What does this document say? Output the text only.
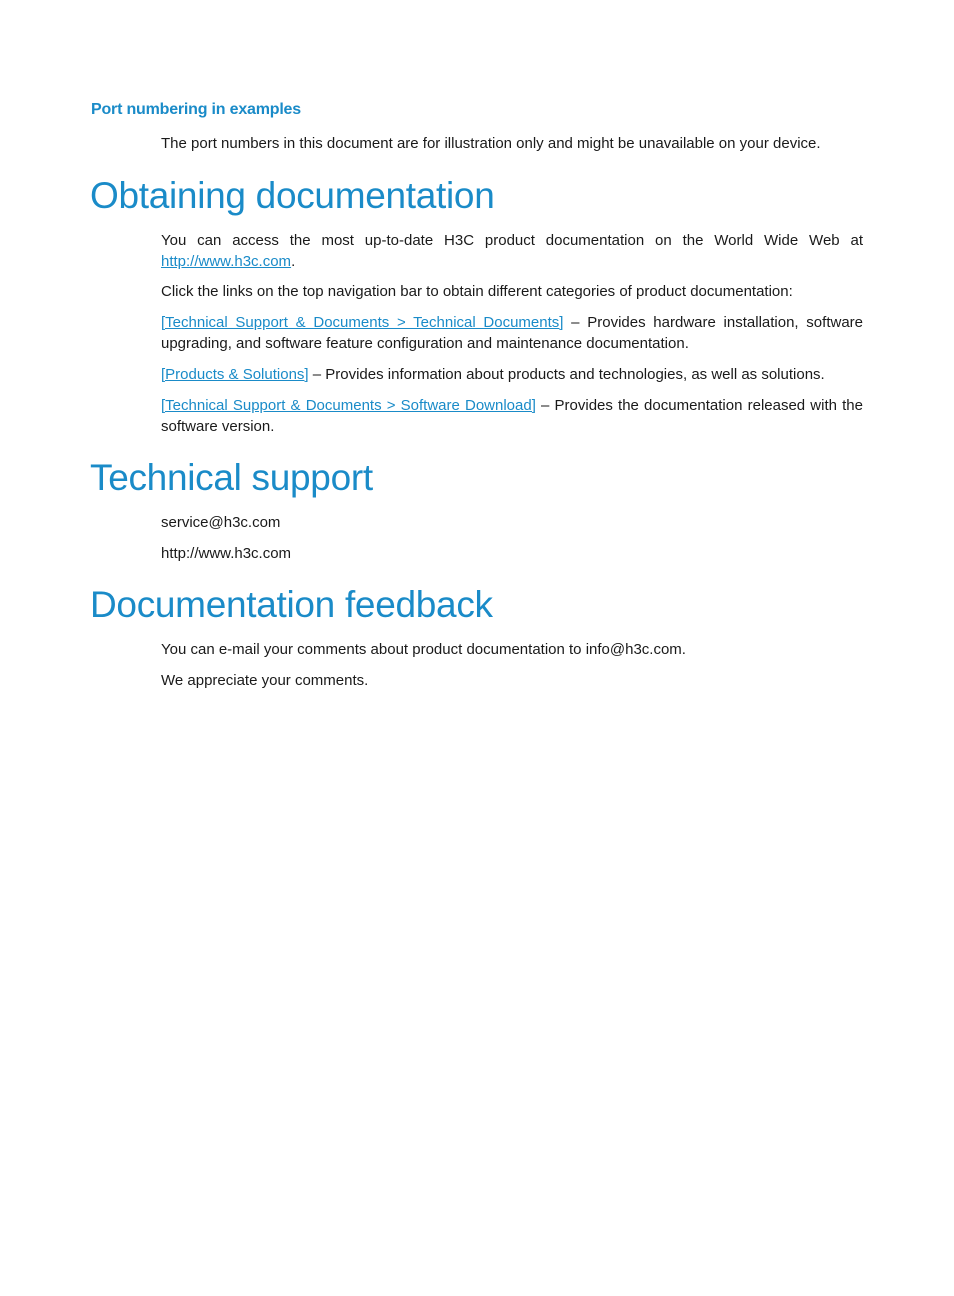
Port numbering in examples

The port numbers in this document are for illustration only and might be unavailable on your device.

Obtaining documentation

You can access the most up-to-date H3C product documentation on the World Wide Web at http://www.h3c.com.

Click the links on the top navigation bar to obtain different categories of product documentation:

[Technical Support & Documents > Technical Documents] – Provides hardware installation, software upgrading, and software feature configuration and maintenance documentation.

[Products & Solutions] – Provides information about products and technologies, as well as solutions.

[Technical Support & Documents > Software Download] – Provides the documentation released with the software version.

Technical support

service@h3c.com

http://www.h3c.com

Documentation feedback

You can e-mail your comments about product documentation to info@h3c.com.

We appreciate your comments.
